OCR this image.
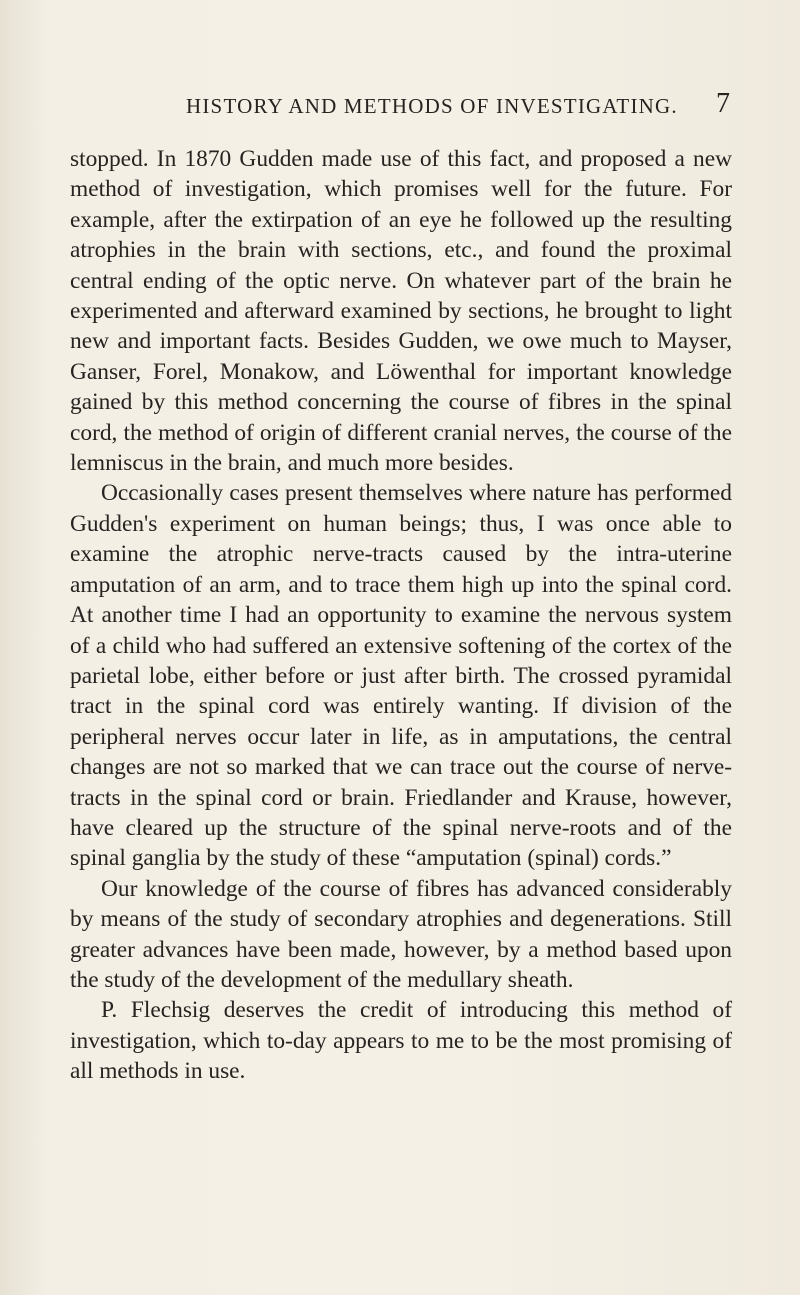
HISTORY AND METHODS OF INVESTIGATING. 7

stopped. In 1870 Gudden made use of this fact, and proposed a new method of investigation, which promises well for the future. For example, after the extirpation of an eye he followed up the resulting atrophies in the brain with sections, etc., and found the proximal central ending of the optic nerve. On whatever part of the brain he experimented and afterward examined by sections, he brought to light new and important facts. Besides Gudden, we owe much to Mayser, Ganser, Forel, Monakow, and Löwenthal for important knowledge gained by this method concerning the course of fibres in the spinal cord, the method of origin of different cranial nerves, the course of the lemniscus in the brain, and much more besides.

Occasionally cases present themselves where nature has performed Gudden's experiment on human beings; thus, I was once able to examine the atrophic nerve-tracts caused by the intra-uterine amputation of an arm, and to trace them high up into the spinal cord. At another time I had an opportunity to examine the nervous system of a child who had suffered an extensive softening of the cortex of the parietal lobe, either before or just after birth. The crossed pyramidal tract in the spinal cord was entirely wanting. If division of the peripheral nerves occur later in life, as in amputations, the central changes are not so marked that we can trace out the course of nerve-tracts in the spinal cord or brain. Friedlander and Krause, however, have cleared up the structure of the spinal nerve-roots and of the spinal ganglia by the study of these “amputation (spinal) cords.”

Our knowledge of the course of fibres has advanced considerably by means of the study of secondary atrophies and degenerations. Still greater advances have been made, however, by a method based upon the study of the development of the medullary sheath.

P. Flechsig deserves the credit of introducing this method of investigation, which to-day appears to me to be the most promising of all methods in use.
